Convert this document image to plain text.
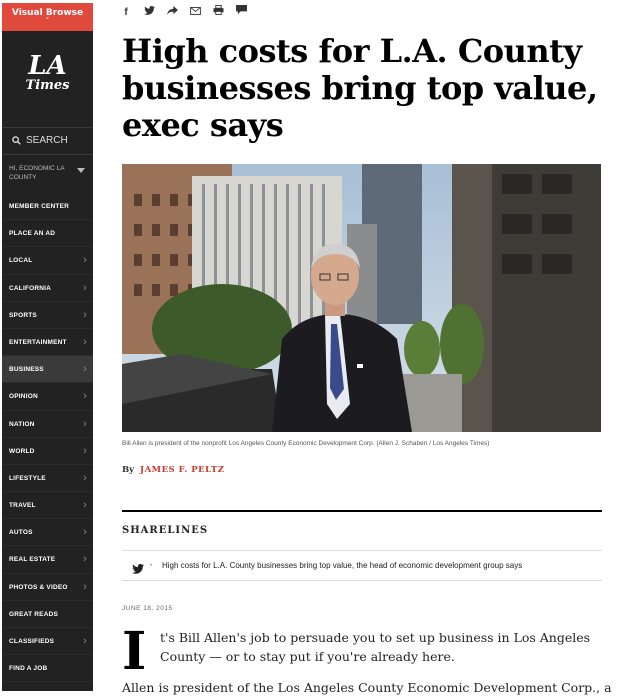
Visual Browse
˅
LA
Times
SEARCH
HI, ECONOMIC LA COUNTY
MEMBER CENTER
PLACE AN AD
LOCAL	›
CALIFORNIA	›
SPORTS	›
ENTERTAINMENT ›
BUSINESS	›
OPINION	›
NATION	›
WORLD	›
LIFESTYLE	›
TRAVEL	›
AUTOS	›
REAL ESTATE	›
PHOTOS & VIDEO ›
GREAT READS
CLASSIFIEDS	›
FIND A JOB
f
High costs for L.A. County businesses bring top value, exec says
Bill Allen is president of the nonprofit Los Angeles County Economic Development Corp. (Allen J. Schaben / Los Angeles Times)
By JAMES F. PELTZ
SHARELINES
• High costs for L.A. County businesses bring top value, the head of economic development group says
JUNE 18, 2015
I t's Bill Allen's job to persuade you to set up business in Los Angeles County — or to stay put if you're already here.
Allen is president of the Los Angeles County Economic Development Corp., a
